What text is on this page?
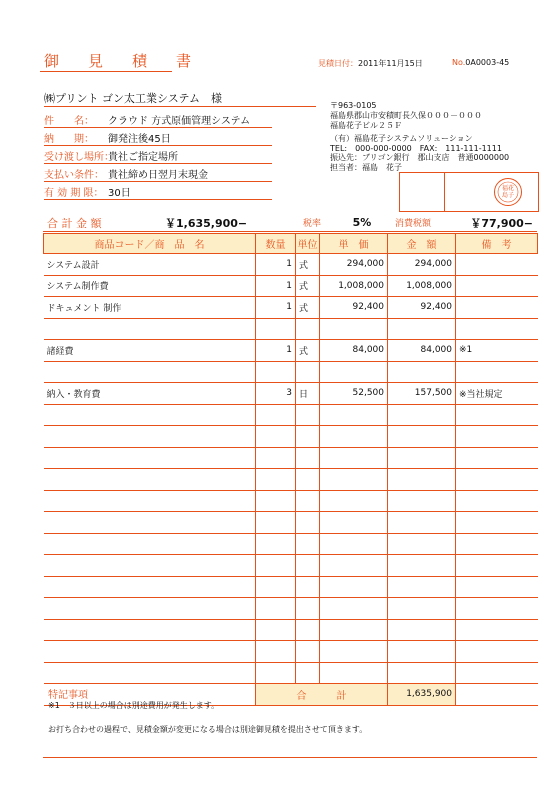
御　見　積　書	見積日付：2011年11月15日	No.0A0003-45
㈱プリント ゴン太工業システム　様
件　　名：	クラウド 方式原価管理システム
納　　期：	御発注後45日
受け渡し場所：
貴社ご指定場所
支払い条件： 貴社締め日翌月末現金
有 効 期 限： 30日
〒963-0105
福島県郡山市安積町長久保０００－０００
福島花子ビル２５Ｆ
（有）福島花子システムソリューション
TEL:　000-000-0000　FAX:　111-111-1111
振込先：ブリゴン銀行　郡山支店　普通0000000
担当者：福島　花子
福花
島子
合 計 金 額	￥1,635,900−	税率	5%	消費税額	￥77,900−
商品コード／商　品　名	数量	単位	単　価	金　額	備　考
システム設計	1	式	294,000	294,000	
システム制作費	1	式	1,008,000	1,008,000	
ドキュメント 制作	1	式	92,400	92,400	

諸経費	1	式	84,000	84,000	※1

納入・教育費	3	日	52,500	157,500	※当社規定

	合　　　計			1,635,900	
特記事項
※1　３日以上の場合は別途費用が発生します。
お打ち合わせの過程で、見積金額が変更になる場合は別途御見積を提出させて頂きます。
